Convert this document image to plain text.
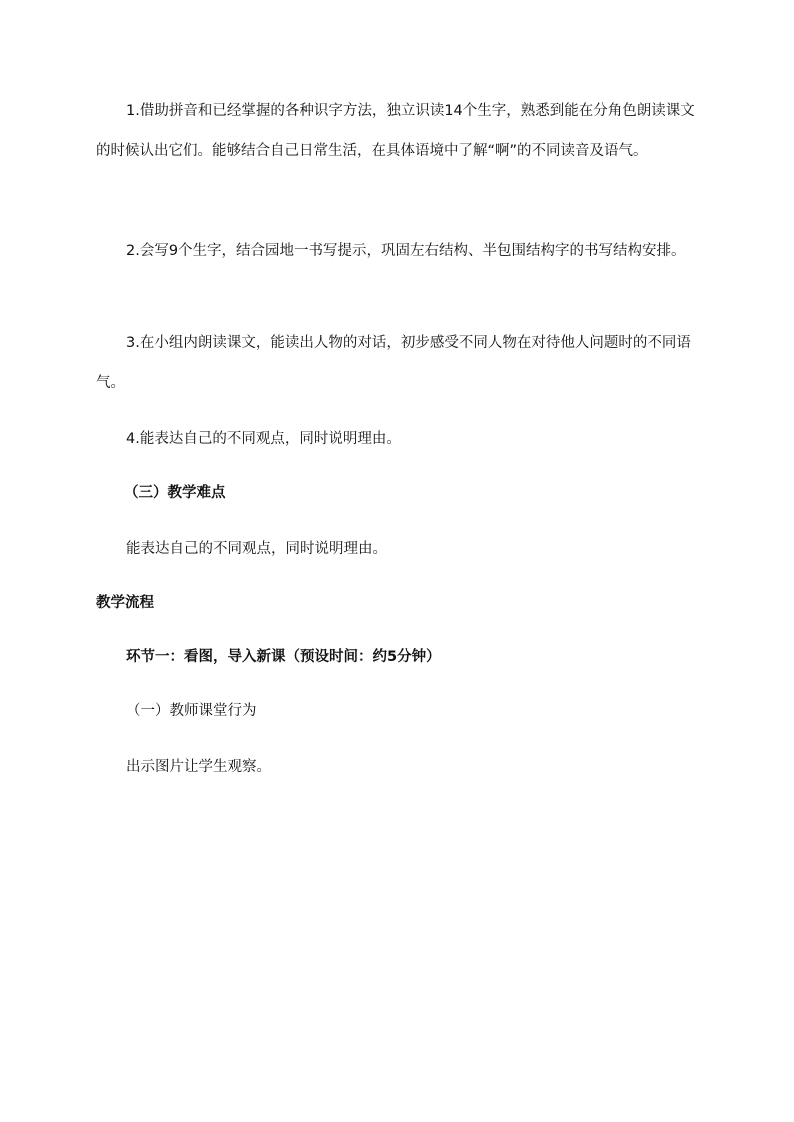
1.借助拼音和已经掌握的各种识字方法，独立识读14个生字，熟悉到能在分角色朗读课文的时候认出它们。能够结合自己日常生活，在具体语境中了解“啊”的不同读音及语气。

2.会写9个生字，结合园地一书写提示，巩固左右结构、半包围结构字的书写结构安排。

3.在小组内朗读课文，能读出人物的对话，初步感受不同人物在对待他人问题时的不同语气。

4.能表达自己的不同观点，同时说明理由。

（三）教学难点

能表达自己的不同观点，同时说明理由。

教学流程

环节一：看图，导入新课（预设时间：约5分钟）

（一）教师课堂行为

出示图片让学生观察。
